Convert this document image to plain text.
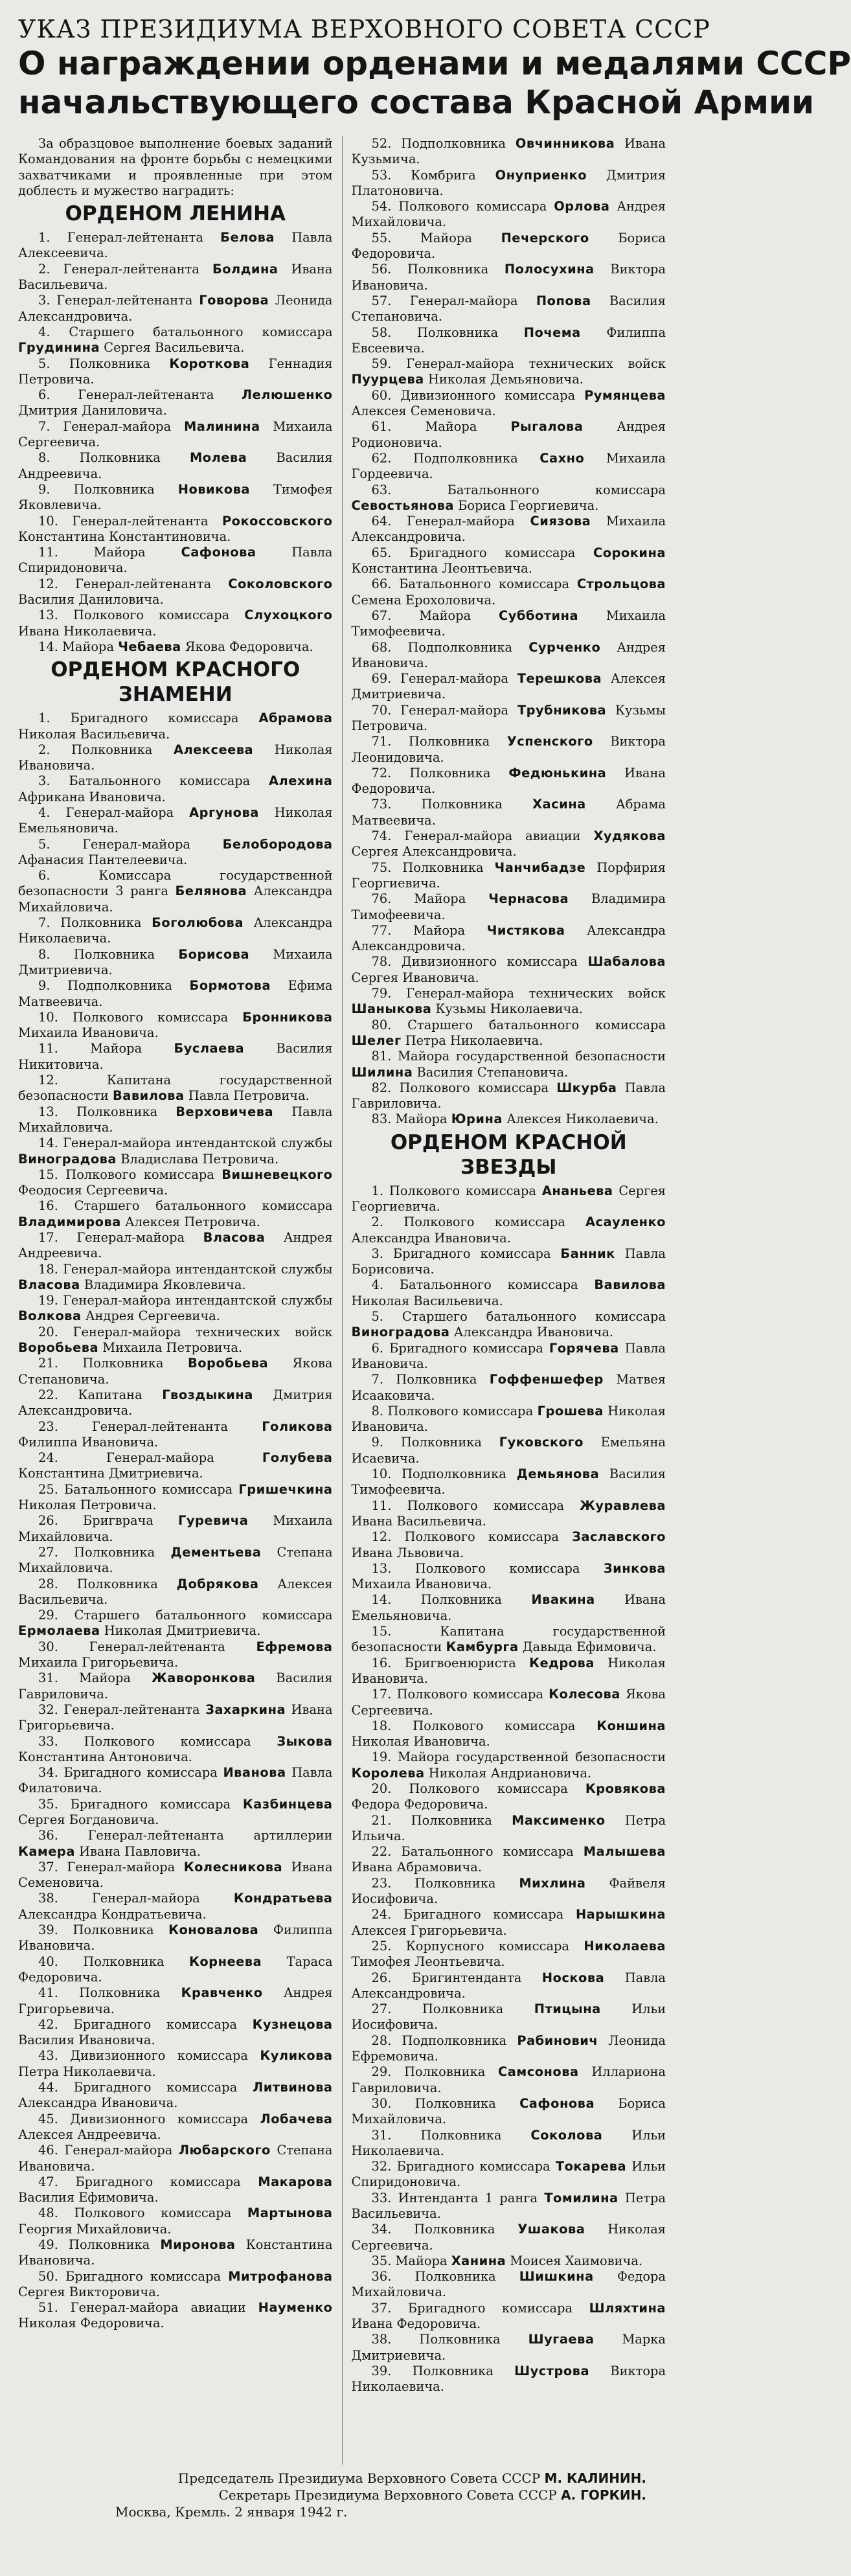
УКАЗ ПРЕЗИДИУМА ВЕРХОВНОГО СОВЕТА СССР
О награждении орденами и медалями СССР
начальствующего состава Красной Армии

За образцовое выполнение боевых заданий Командования на фронте борьбы с немецкими захватчиками и проявленные при этом доблесть и мужество наградить:

ОРДЕНОМ ЛЕНИНА

1. Генерал-лейтенанта Белова Павла Алексеевича.

2. Генерал-лейтенанта Болдина Ивана Васильевича.

3. Генерал-лейтенанта Говорова Леонида Александровича.

4. Старшего батальонного комиссара Грудинина Сергея Васильевича.

5. Полковника Короткова Геннадия Петровича.

6. Генерал-лейтенанта Лелюшенко Дмитрия Даниловича.

7. Генерал-майора Малинина Михаила Сергеевича.

8. Полковника Молева Василия Андреевича.

9. Полковника Новикова Тимофея Яковлевича.

10. Генерал-лейтенанта Рокоссовского Константина Константиновича.

11.	Майора	Сафонова	Павла Спиридоновича.

12. Генерал-лейтенанта Соколовского Василия Даниловича.

13. Полкового комиссара Слухоцкого Ивана Николаевича.

14. Майора Чебаева Якова Федоровича.

ОРДЕНОМ КРАСНОГО ЗНАМЕНИ

1. Бригадного комиссара Абрамова Николая Васильевича.

2. Полковника Алексеева Николая Ивановича.

3. Батальонного комиссара Алехина Африкана Ивановича.

4. Генерал-майора Аргунова Николая Емельяновича.

5.	Генерал-майора	Белобородова Афанасия Пантелеевича.

6.	Комиссара государственной безопасности 3 ранга Белянова Александра Михайловича.

7. Полковника Боголюбова Александра Николаевича.

8. Полковника Борисова Михаила Дмитриевича.

9. Подполковника Бормотова Ефима Матвеевича.

10. Полкового комиссара Бронникова Михаила Ивановича.

11.	Майора	Буслаева	Василия Никитовича.

12.	Капитана государственной безопасности Вавилова Павла Петровича.

13. Полковника Верховичева Павла Михайловича.

14. Генерал-майора интендантской службы Виноградова Владислава Петровича.

15. Полкового комиссара Вишневецкого Феодосия Сергеевича.

16. Старшего батальонного комиссара Владимирова Алексея Петровича.

17. Генерал-майора Власова Андрея Андреевича.

18. Генерал-майора интендантской службы Власова Владимира Яковлевича.

19. Генерал-майора интендантской службы Волкова Андрея Сергеевича.

20. Генерал-майора технических войск Воробьева Михаила Петровича.

21. Полковника Воробьева Якова Степановича.

22. Капитана Гвоздыкина Дмитрия Александровича.

23.	Генерал-лейтенанта	Голикова Филиппа Ивановича.

24.	Генерал-майора	Голубева Константина Дмитриевича.

25. Батальонного комиссара Гришечкина Николая Петровича.

26. Бригврача Гуревича Михаила Михайловича.

27. Полковника Дементьева Степана Михайловича.

28. Полковника Добрякова Алексея Васильевича.

29. Старшего батальонного комиссара Ермолаева Николая Дмитриевича.

30. Генерал-лейтенанта Ефремова Михаила Григорьевича.

31. Майора Жаворонкова Василия Гавриловича.

32. Генерал-лейтенанта Захаркина Ивана Григорьевича.

33. Полкового комиссара Зыкова Константина Антоновича.

34. Бригадного комиссара Иванова Павла Филатовича.

35. Бригадного комиссара Казбинцева Сергея Богдановича.

36. Генерал-лейтенанта артиллерии Камера Ивана Павловича.

37. Генерал-майора Колесникова Ивана Семеновича.

38.	Генерал-майора	Кондратьева Александра Кондратьевича.

39. Полковника Коновалова Филиппа Ивановича.

40. Полковника Корнеева Тараса Федоровича.

41. Полковника Кравченко Андрея Григорьевича.

42. Бригадного комиссара Кузнецова Василия Ивановича.

43. Дивизионного комиссара Куликова Петра Николаевича.

44. Бригадного комиссара Литвинова Александра Ивановича.

45. Дивизионного комиссара Лобачева Алексея Андреевича.

46. Генерал-майора Любарского Степана Ивановича.

47. Бригадного комиссара Макарова Василия Ефимовича.

48. Полкового комиссара Мартынова Георгия Михайловича.

49. Полковника Миронова Константина Ивановича.

50. Бригадного комиссара Митрофанова Сергея Викторовича.

51. Генерал-майора авиации Науменко Николая Федоровича.

52. Подполковника Овчинникова Ивана Кузьмича.

53. Комбрига Онуприенко Дмитрия Платоновича.

54. Полкового комиссара Орлова Андрея Михайловича.

55. Майора Печерского Бориса Федоровича.

56. Полковника Полосухина Виктора Ивановича.

57. Генерал-майора Попова Василия Степановича.

58. Полковника Почема Филиппа Евсеевича.

59. Генерал-майора технических войск Пуурцева Николая Демьяновича.

60. Дивизионного комиссара Румянцева Алексея Семеновича.

61.	Майора	Рыгалова	Андрея Родионовича.

62. Подполковника Сахно Михаила Гордеевича.

63.	Батальонного комиссара Севостьянова Бориса Георгиевича.

64. Генерал-майора Сиязова Михаила Александровича.

65. Бригадного комиссара Сорокина Константина Леонтьевича.

66. Батальонного комиссара Строльцова Семена Ерохоловича.

67. Майора Субботина Михаила Тимофеевича.

68. Подполковника Сурченко Андрея Ивановича.

69. Генерал-майора Терешкова Алексея Дмитриевича.

70. Генерал-майора Трубникова Кузьмы Петровича.

71. Полковника Успенского Виктора Леонидовича.

72. Полковника Федюнькина Ивана Федоровича.

73. Полковника Хасина Абрама Матвеевича.

74. Генерал-майора авиации Худякова Сергея Александровича.

75. Полковника Чанчибадзе Порфирия Георгиевича.

76. Майора Чернасова Владимира Тимофеевича.

77. Майора Чистякова Александра Александровича.

78. Дивизионного комиссара Шабалова Сергея Ивановича.

79. Генерал-майора технических войск Шаныкова Кузьмы Николаевича.

80. Старшего батальонного комиссара Шелег Петра Николаевича.

81. Майора государственной безопасности Шилина Василия Степановича.

82. Полкового комиссара Шкурба Павла Гавриловича.

83. Майора Юрина Алексея Николаевича.

ОРДЕНОМ КРАСНОЙ ЗВЕЗДЫ

1. Полкового комиссара Ананьева Сергея Георгиевича.

2. Полкового комиссара Асауленко Александра Ивановича.

3. Бригадного комиссара Банник Павла Борисовича.

4. Батальонного комиссара Вавилова Николая Васильевича.

5. Старшего батальонного комиссара Виноградова Александра Ивановича.

6. Бригадного комиссара Горячева Павла Ивановича.

7. Полковника Гоффеншефер Матвея Исааковича.

8. Полкового комиссара Грошева Николая Ивановича.

9. Полковника Гуковского Емельяна Исаевича.

10. Подполковника Демьянова Василия Тимофеевича.

11. Полкового комиссара Журавлева Ивана Васильевича.

12. Полкового комиссара Заславского Ивана Львовича.

13. Полкового комиссара Зинкова Михаила Ивановича.

14. Полковника Ивакина Ивана Емельяновича.

15.	Капитана государственной безопасности Камбурга Давыда Ефимовича.

16. Бригвоенюриста Кедрова Николая Ивановича.

17. Полкового комиссара Колесова Якова Сергеевича.

18. Полкового комиссара Коншина Николая Ивановича.

19. Майора государственной безопасности Королева Николая Андриановича.

20. Полкового комиссара Кровякова Федора Федоровича.

21. Полковника Максименко Петра Ильича.

22. Батальонного комиссара Малышева Ивана Абрамовича.

23. Полковника Михлина Файвеля Иосифовича.

24. Бригадного комиссара Нарышкина Алексея Григорьевича.

25. Корпусного комиссара Николаева Тимофея Леонтьевича.

26. Бригинтенданта Носкова Павла Александровича.

27. Полковника Птицына Ильи Иосифовича.

28. Подполковника Рабинович Леонида Ефремовича.

29. Полковника Самсонова Иллариона Гавриловича.

30. Полковника Сафонова Бориса Михайловича.

31. Полковника Соколова Ильи Николаевича.

32. Бригадного комиссара Токарева Ильи Спиридоновича.

33. Интенданта 1 ранга Томилина Петра Васильевича.

34. Полковника Ушакова Николая Сергеевича.

35. Майора Ханина Моисея Хаимовича.

36. Полковника Шишкина Федора Михайловича.

37. Бригадного комиссара Шляхтина Ивана Федоровича.

38. Полковника Шугаева Марка Дмитриевича.

39. Полковника Шустрова Виктора Николаевича.

Председатель Президиума Верховного Совета СССР М. КАЛИНИН.

Секретарь Президиума Верховного Совета СССР А. ГОРКИН.

Москва, Кремль. 2 января 1942 г.
